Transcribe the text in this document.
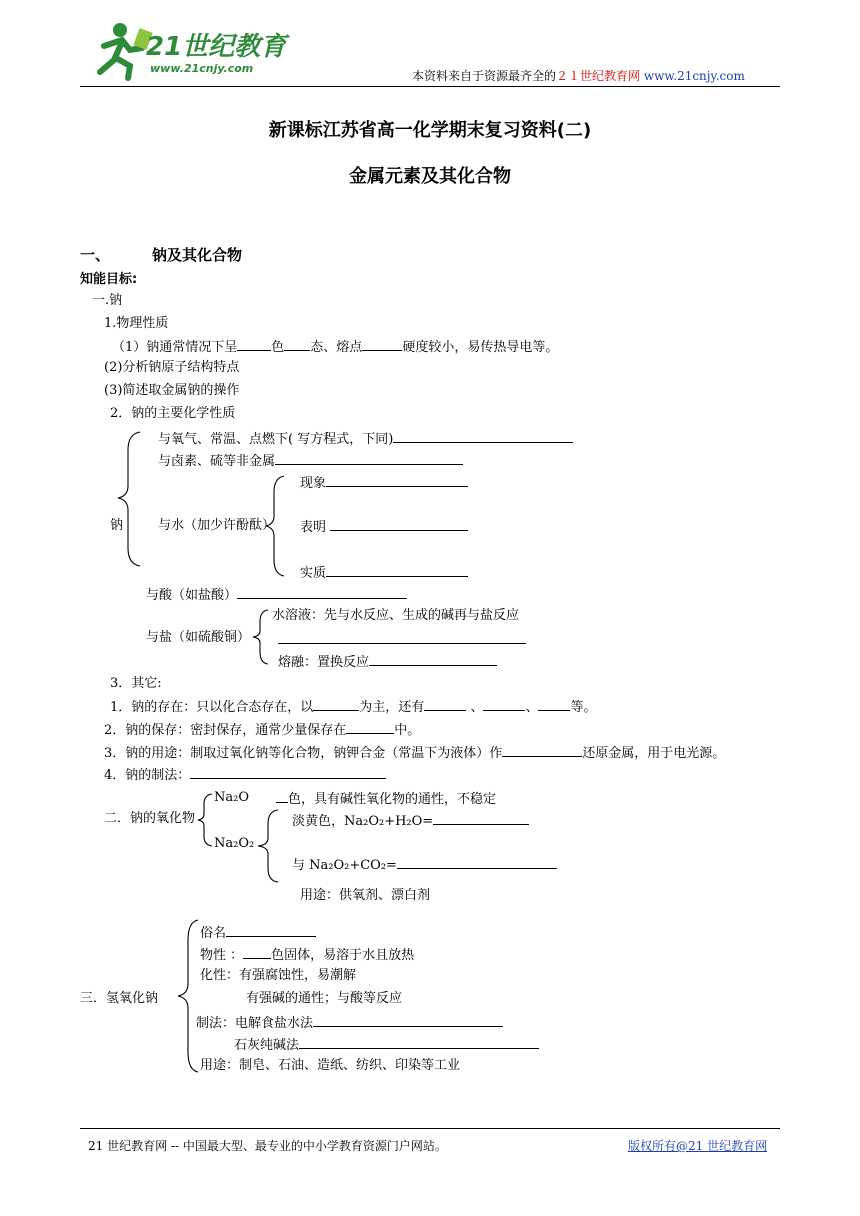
21世纪教育
www.21cnjy.com
本资料来自于资源最齐全的２１世纪教育网 www.21cnjy.com
新课标江苏省高一化学期末复习资料(二)
金属元素及其化合物
一、	钠及其化合物
知能目标:
一.钠
1.物理性质
（1）钠通常情况下呈	色 态、熔点	硬度较小，易传热导电等。
(2)分析钠原子结构特点
(3)简述取金属钠的操作
2．钠的主要化学性质
钠
与氧气、常温、点燃下( 写方程式，下同)
与卤素、硫等非金属
与水（加少许酚酞）
现象
表明
实质
与酸（如盐酸）
与盐（如硫酸铜）
水溶液：先与水反应、生成的碱再与盐反应
熔融：置换反应
3．其它:
1．钠的存在：只以化合态存在，以	为主，还有	、	、 等。
2．钠的保存：密封保存，通常少量保存在	中。
3．钠的用途：制取过氧化钠等化合物，钠钾合金（常温下为液体）作	还原金属，用于电光源。
4．钠的制法：
二．钠的氧化物
Na₂O	色，具有碱性氧化物的通性，不稳定
Na₂O₂
淡黄色，Na₂O₂+H₂O=
与 Na₂O₂+CO₂=
用途：供氧剂、漂白剂
三．氢氧化钠
俗名
物性 ： 色固体，易溶于水且放热
化性：有强腐蚀性，易潮解
有强碱的通性；与酸等反应
制法：电解食盐水法
石灰纯碱法
用途：制皂、石油、造纸、纺织、印染等工业
21 世纪教育网 -- 中国最大型、最专业的中小学教育资源门户网站。	版权所有@21 世纪教育网
